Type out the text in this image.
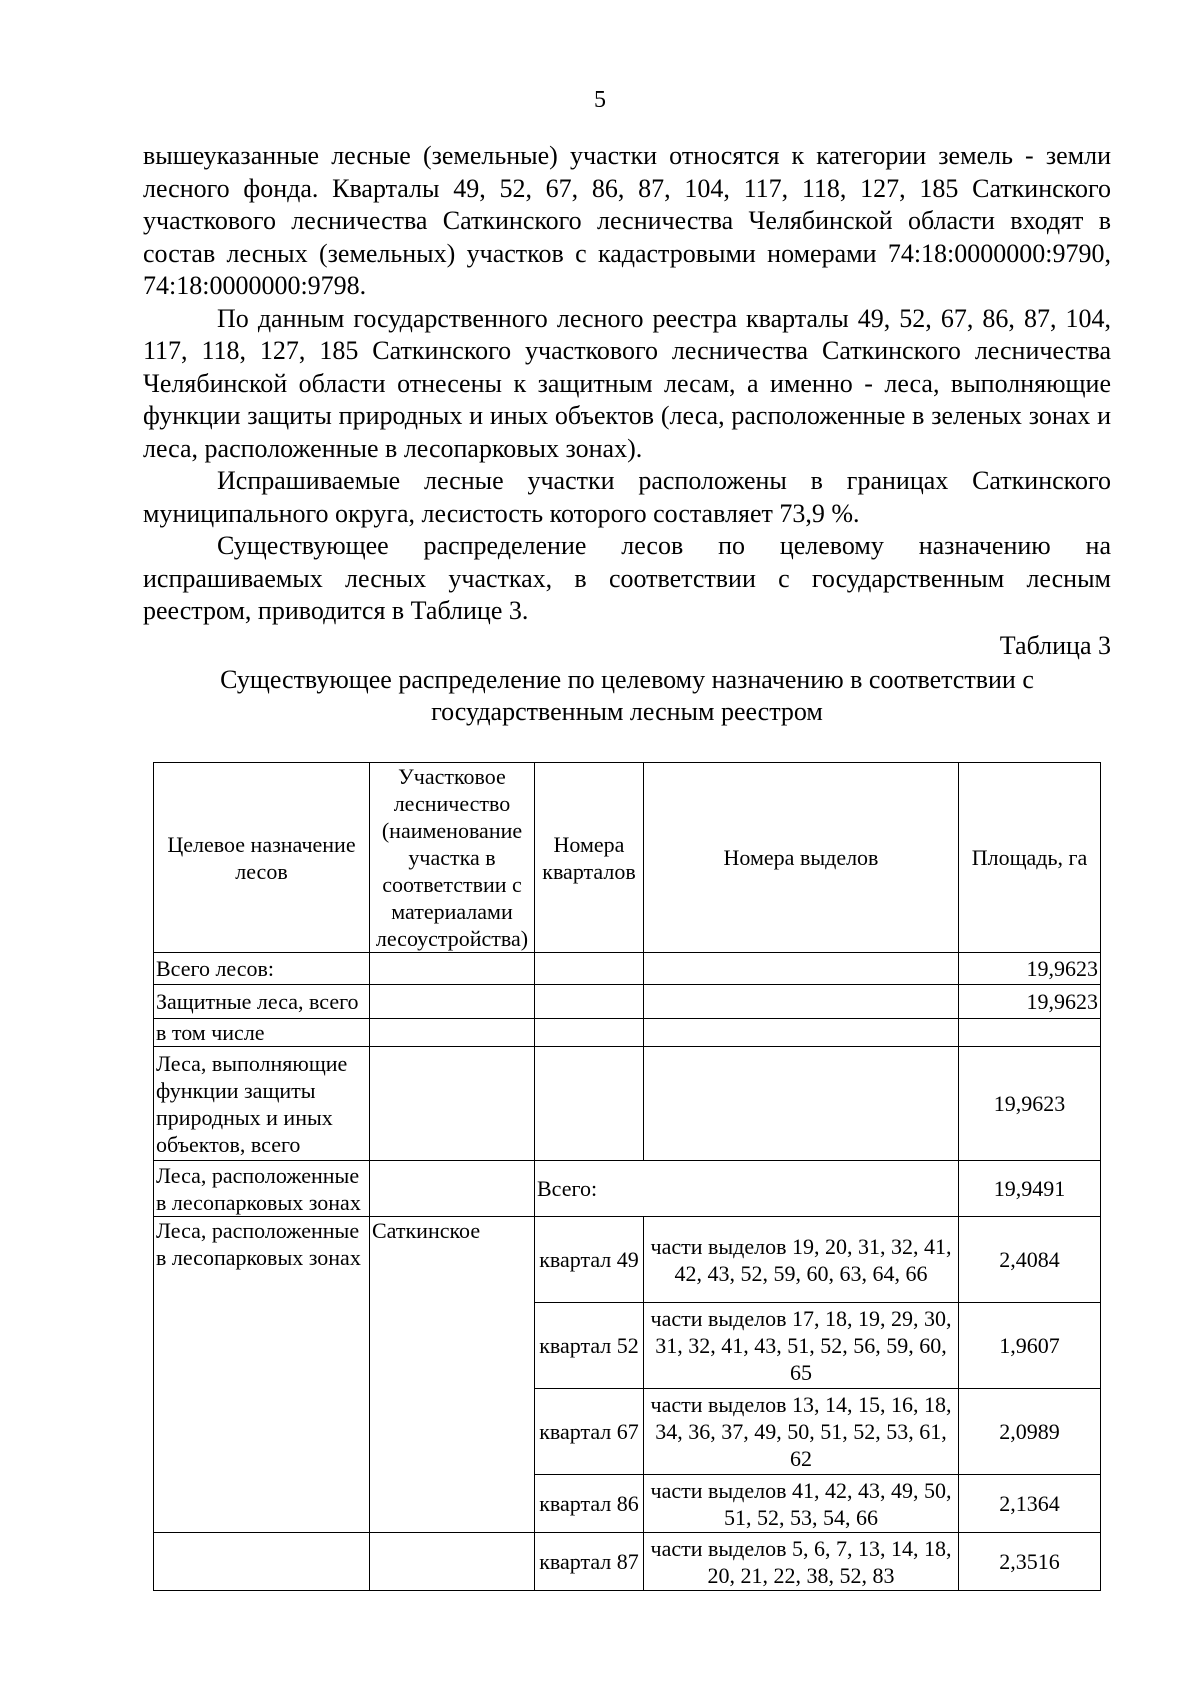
5

вышеуказанные лесные (земельные) участки относятся к категории земель - земли лесного фонда. Кварталы 49, 52, 67, 86, 87, 104, 117, 118, 127, 185 Саткинского участкового лесничества Саткинского лесничества Челябинской области входят в состав лесных (земельных) участков с кадастровыми номерами 74:18:0000000:9790, 74:18:0000000:9798.

По данным государственного лесного реестра кварталы 49, 52, 67, 86, 87, 104, 117, 118, 127, 185 Саткинского участкового лесничества Саткинского лесничества Челябинской области отнесены к защитным лесам, а именно - леса, выполняющие функции защиты природных и иных объектов (леса, расположенные в зеленых зонах и леса, расположенные в лесопарковых зонах).

Испрашиваемые лесные участки расположены в границах Саткинского муниципального округа, лесистость которого составляет 73,9 %.

Существующее распределение лесов по целевому назначению на испрашиваемых лесных участках, в соответствии с государственным лесным реестром, приводится в Таблице 3.

Таблица 3
Существующее распределение по целевому назначению в соответствии с государственным лесным реестром
Целевое назначение лесов	Участковое лесничество (наименование участка в соответствии с материалами лесоустройства)	Номера кварталов	Номера выделов	Площадь, га
Всего лесов:				19,9623
Защитные леса, всего				19,9623
в том числе				
Леса, выполняющие функции защиты природных и иных объектов, всего				19,9623
Леса, расположенные в лесопарковых зонах		Всего:		19,9491
Леса, расположенные в лесопарковых зонах	Саткинское	квартал 49	части выделов 19, 20, 31, 32, 41, 42, 43, 52, 59, 60, 63, 64, 66	2,4084
		квартал 52	части выделов 17, 18, 19, 29, 30, 31, 32, 41, 43, 51, 52, 56, 59, 60, 65	1,9607
		квартал 67	части выделов 13, 14, 15, 16, 18, 34, 36, 37, 49, 50, 51, 52, 53, 61, 62	2,0989
		квартал 86	части выделов 41, 42, 43, 49, 50, 51, 52, 53, 54, 66	2,1364
		квартал 87	части выделов 5, 6, 7, 13, 14, 18, 20, 21, 22, 38, 52, 83	2,3516
